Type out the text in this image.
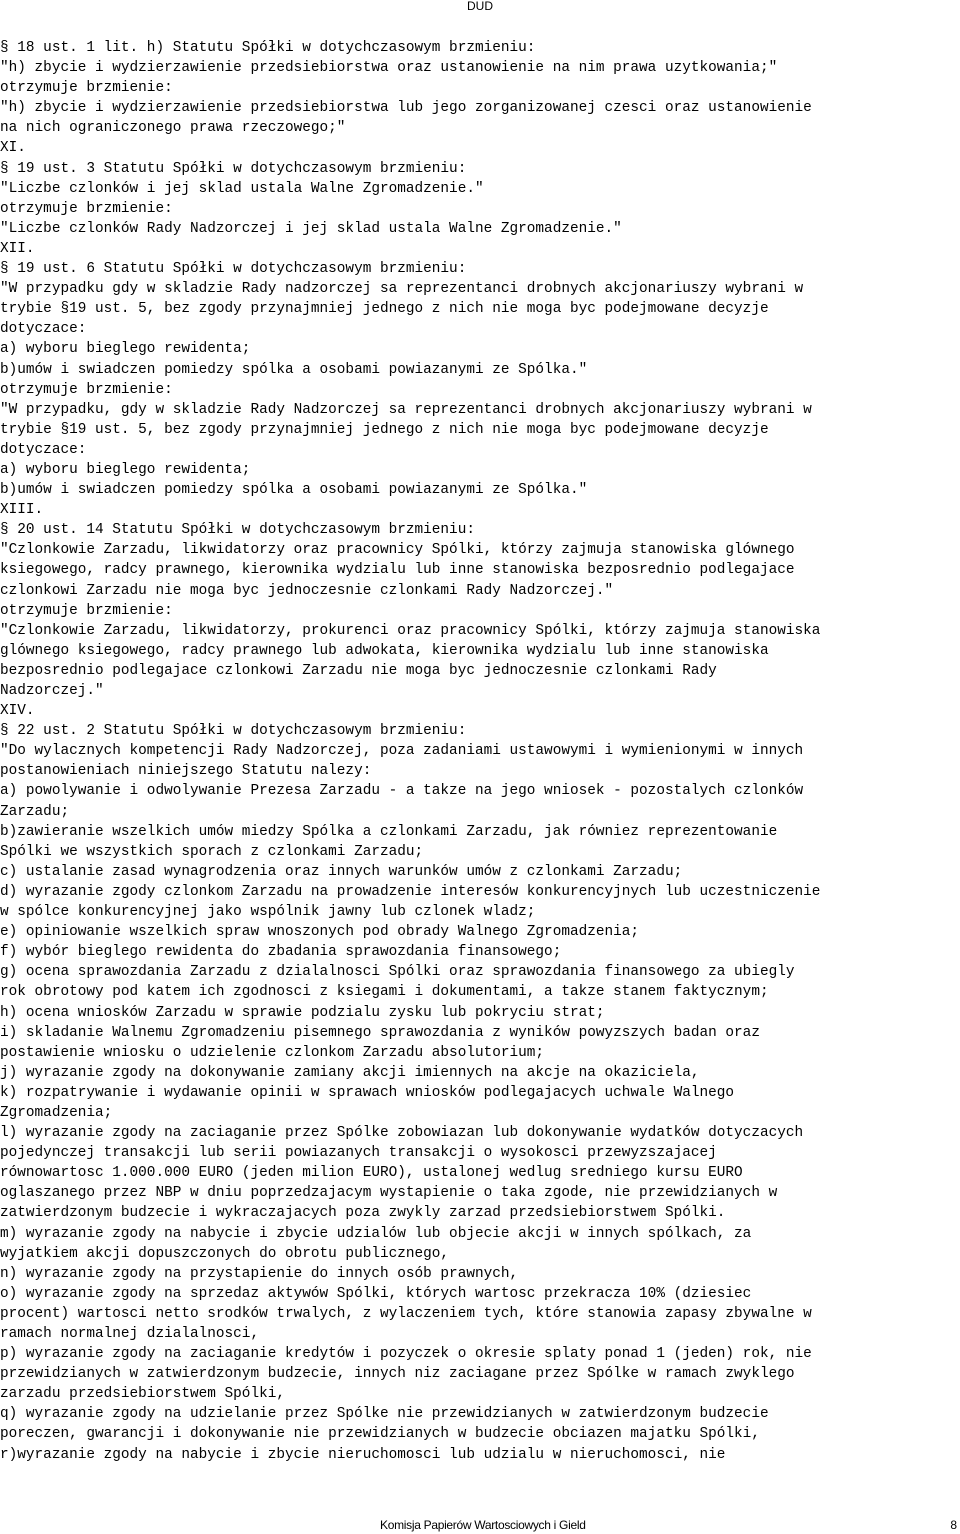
DUD
§ 18 ust. 1 lit. h) Statutu Spółki w dotychczasowym brzmieniu:
"h) zbycie i wydzierzawienie przedsiebiorstwa oraz ustanowienie na nim prawa uzytkowania;"
otrzymuje brzmienie:
"h) zbycie i wydzierzawienie przedsiebiorstwa lub jego zorganizowanej czesci oraz ustanowienie
na nich ograniczonego prawa rzeczowego;"
XI.
§ 19 ust. 3 Statutu Spółki w dotychczasowym brzmieniu:
"Liczbe czlonków i jej sklad ustala Walne Zgromadzenie."
otrzymuje brzmienie:
"Liczbe czlonków Rady Nadzorczej i jej sklad ustala Walne Zgromadzenie."
XII.
§ 19 ust. 6 Statutu Spółki w dotychczasowym brzmieniu:
"W przypadku gdy w skladzie Rady nadzorczej sa reprezentanci drobnych akcjonariuszy wybrani w
trybie §19 ust. 5, bez zgody przynajmniej jednego z nich nie moga byc podejmowane decyzje
dotyczace:
a) wyboru bieglego rewidenta;
b)umów i swiadczen pomiedzy spólka a osobami powiazanymi ze Spólka."
otrzymuje brzmienie:
"W przypadku, gdy w skladzie Rady Nadzorczej sa reprezentanci drobnych akcjonariuszy wybrani w
trybie §19 ust. 5, bez zgody przynajmniej jednego z nich nie moga byc podejmowane decyzje
dotyczace:
a) wyboru bieglego rewidenta;
b)umów i swiadczen pomiedzy spólka a osobami powiazanymi ze Spólka."
XIII.
§ 20 ust. 14 Statutu Spółki w dotychczasowym brzmieniu:
"Czlonkowie Zarzadu, likwidatorzy oraz pracownicy Spólki, którzy zajmuja stanowiska glównego
ksiegowego, radcy prawnego, kierownika wydzialu lub inne stanowiska bezposrednio podlegajace
czlonkowi Zarzadu nie moga byc jednoczesnie czlonkami Rady Nadzorczej."
otrzymuje brzmienie:
"Czlonkowie Zarzadu, likwidatorzy, prokurenci oraz pracownicy Spólki, którzy zajmuja stanowiska
glównego ksiegowego, radcy prawnego lub adwokata, kierownika wydzialu lub inne stanowiska
bezposrednio podlegajace czlonkowi Zarzadu nie moga byc jednoczesnie czlonkami Rady
Nadzorczej."
XIV.
§ 22 ust. 2 Statutu Spółki w dotychczasowym brzmieniu:
"Do wylacznych kompetencji Rady Nadzorczej, poza zadaniami ustawowymi i wymienionymi w innych
postanowieniach niniejszego Statutu nalezy:
a) powolywanie i odwolywanie Prezesa Zarzadu - a takze na jego wniosek - pozostalych czlonków
Zarzadu;
b)zawieranie wszelkich umów miedzy Spólka a czlonkami Zarzadu, jak równiez reprezentowanie
Spólki we wszystkich sporach z czlonkami Zarzadu;
c) ustalanie zasad wynagrodzenia oraz innych warunków umów z czlonkami Zarzadu;
d) wyrazanie zgody czlonkom Zarzadu na prowadzenie interesów konkurencyjnych lub uczestniczenie
w spólce konkurencyjnej jako wspólnik jawny lub czlonek wladz;
e) opiniowanie wszelkich spraw wnoszonych pod obrady Walnego Zgromadzenia;
f) wybór bieglego rewidenta do zbadania sprawozdania finansowego;
g) ocena sprawozdania Zarzadu z dzialalnosci Spólki oraz sprawozdania finansowego za ubiegly
rok obrotowy pod katem ich zgodnosci z ksiegami i dokumentami, a takze stanem faktycznym;
h) ocena wniosków Zarzadu w sprawie podzialu zysku lub pokryciu strat;
i) skladanie Walnemu Zgromadzeniu pisemnego sprawozdania z wyników powyzszych badan oraz
postawienie wniosku o udzielenie czlonkom Zarzadu absolutorium;
j) wyrazanie zgody na dokonywanie zamiany akcji imiennych na akcje na okaziciela,
k) rozpatrywanie i wydawanie opinii w sprawach wniosków podlegajacych uchwale Walnego
Zgromadzenia;
l) wyrazanie zgody na zaciaganie przez Spólke zobowiazan lub dokonywanie wydatków dotyczacych
pojedynczej transakcji lub serii powiazanych transakcji o wysokosci przewyzszajacej
równowartosc 1.000.000 EURO (jeden milion EURO), ustalonej wedlug sredniego kursu EURO
oglaszanego przez NBP w dniu poprzedzajacym wystapienie o taka zgode, nie przewidzianych w
zatwierdzonym budzecie i wykraczajacych poza zwykly zarzad przedsiebiorstwem Spólki.
m) wyrazanie zgody na nabycie i zbycie udzialów lub objecie akcji w innych spólkach, za
wyjatkiem akcji dopuszczonych do obrotu publicznego,
n) wyrazanie zgody na przystapienie do innych osób prawnych,
o) wyrazanie zgody na sprzedaz aktywów Spólki, których wartosc przekracza 10% (dziesiec
procent) wartosci netto srodków trwalych, z wylaczeniem tych, które stanowia zapasy zbywalne w
ramach normalnej dzialalnosci,
p) wyrazanie zgody na zaciaganie kredytów i pozyczek o okresie splaty ponad 1 (jeden) rok, nie
przewidzianych w zatwierdzonym budzecie, innych niz zaciagane przez Spólke w ramach zwyklego
zarzadu przedsiebiorstwem Spólki,
q) wyrazanie zgody na udzielanie przez Spólke nie przewidzianych w zatwierdzonym budzecie
poreczen, gwarancji i dokonywanie nie przewidzianych w budzecie obciazen majatku Spólki,
r)wyrazanie zgody na nabycie i zbycie nieruchomosci lub udzialu w nieruchomosci, nie
Komisja Papierów Wartosciowych i Gield	8
